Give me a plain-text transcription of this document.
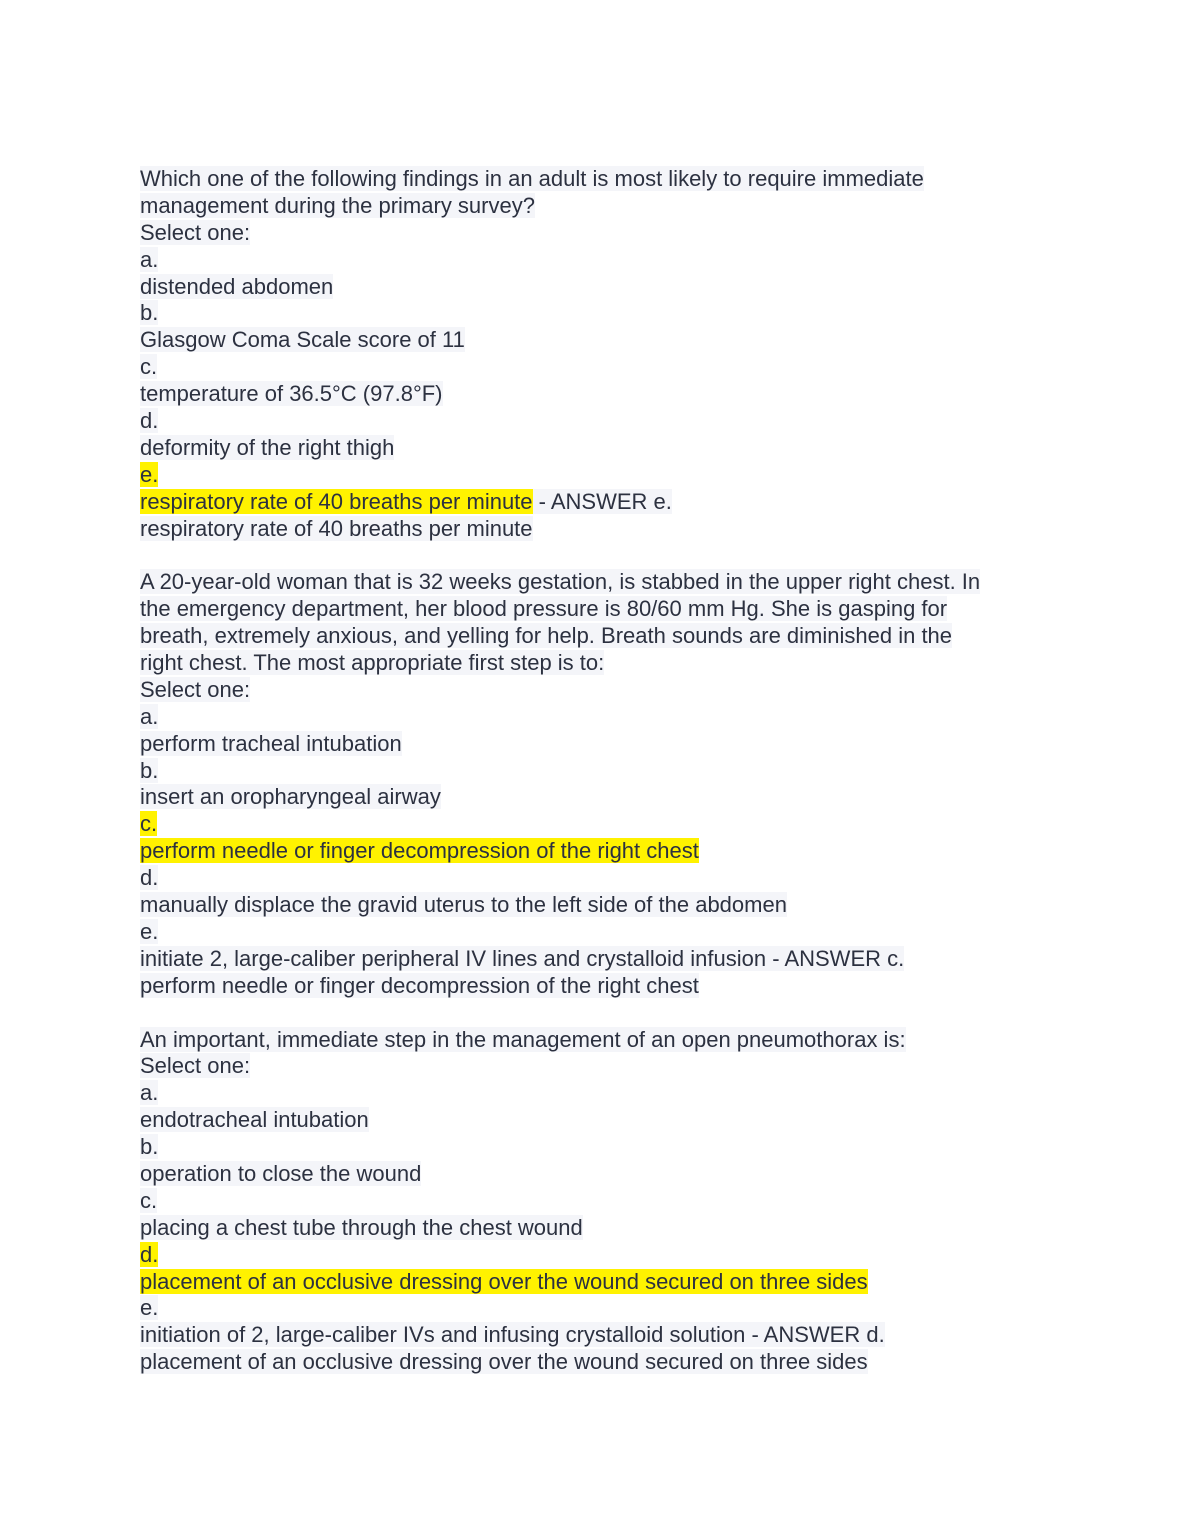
Which one of the following findings in an adult is most likely to require immediate
management during the primary survey?
Select one:
a.
distended abdomen
b.
Glasgow Coma Scale score of 11
c.
temperature of 36.5°C (97.8°F)
d.
deformity of the right thigh
e.
respiratory rate of 40 breaths per minute - ANSWER e.
respiratory rate of 40 breaths per minute
A 20-year-old woman that is 32 weeks gestation, is stabbed in the upper right chest. In
the emergency department, her blood pressure is 80/60 mm Hg. She is gasping for
breath, extremely anxious, and yelling for help. Breath sounds are diminished in the
right chest. The most appropriate first step is to:
Select one:
a.
perform tracheal intubation
b.
insert an oropharyngeal airway
c.
perform needle or finger decompression of the right chest
d.
manually displace the gravid uterus to the left side of the abdomen
e.
initiate 2, large-caliber peripheral IV lines and crystalloid infusion - ANSWER c.
perform needle or finger decompression of the right chest
An important, immediate step in the management of an open pneumothorax is:
Select one:
a.
endotracheal intubation
b.
operation to close the wound
c.
placing a chest tube through the chest wound
d.
placement of an occlusive dressing over the wound secured on three sides
e.
initiation of 2, large-caliber IVs and infusing crystalloid solution - ANSWER d.
placement of an occlusive dressing over the wound secured on three sides
